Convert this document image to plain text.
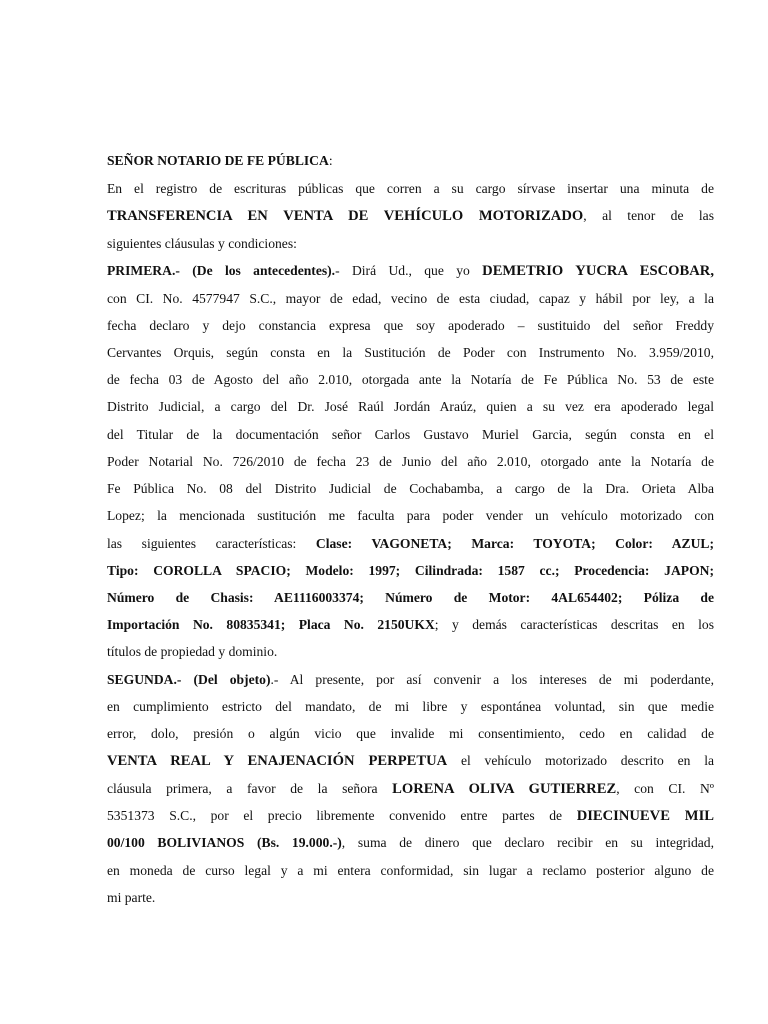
SEÑOR NOTARIO DE FE PÚBLICA:
En el registro de escrituras públicas que corren a su cargo sírvase insertar una minuta de
TRANSFERENCIA EN VENTA DE VEHÍCULO MOTORIZADO, al tenor de las
siguientes cláusulas y condiciones:
PRIMERA.- (De los antecedentes).- Dirá Ud., que yo DEMETRIO YUCRA ESCOBAR,
con CI. No. 4577947 S.C., mayor de edad, vecino de esta ciudad, capaz y hábil por ley, a la
fecha declaro y dejo constancia expresa que soy apoderado – sustituido del señor Freddy
Cervantes Orquis, según consta en la Sustitución de Poder con Instrumento No. 3.959/2010,
de fecha 03 de Agosto del año 2.010, otorgada ante la Notaría de Fe Pública No. 53 de este
Distrito Judicial, a cargo del Dr. José Raúl Jordán Araúz, quien a su vez era apoderado legal
del Titular de la documentación señor Carlos Gustavo Muriel Garcia, según consta en el
Poder Notarial No. 726/2010 de fecha 23 de Junio del año 2.010, otorgado ante la Notaría de
Fe Pública No. 08 del Distrito Judicial de Cochabamba, a cargo de la Dra. Orieta Alba
Lopez; la mencionada sustitución me faculta para poder vender un vehículo motorizado con
las siguientes características: Clase: VAGONETA; Marca: TOYOTA; Color: AZUL;
Tipo: COROLLA SPACIO; Modelo: 1997; Cilindrada: 1587 cc.; Procedencia: JAPON;
Número de Chasis: AE1116003374; Número de Motor: 4AL654402; Póliza de
Importación No. 80835341; Placa No. 2150UKX; y demás características descritas en los
títulos de propiedad y dominio.
SEGUNDA.- (Del objeto).- Al presente, por así convenir a los intereses de mi poderdante,
en cumplimiento estricto del mandato, de mi libre y espontánea voluntad, sin que medie
error, dolo, presión o algún vicio que invalide mi consentimiento, cedo en calidad de
VENTA REAL Y ENAJENACIÓN PERPETUA el vehículo motorizado descrito en la
cláusula primera, a favor de la señora LORENA OLIVA GUTIERREZ, con CI. Nº
5351373 S.C., por el precio libremente convenido entre partes de DIECINUEVE MIL
00/100 BOLIVIANOS (Bs. 19.000.-), suma de dinero que declaro recibir en su integridad,
en moneda de curso legal y a mi entera conformidad, sin lugar a reclamo posterior alguno de
mi parte.
